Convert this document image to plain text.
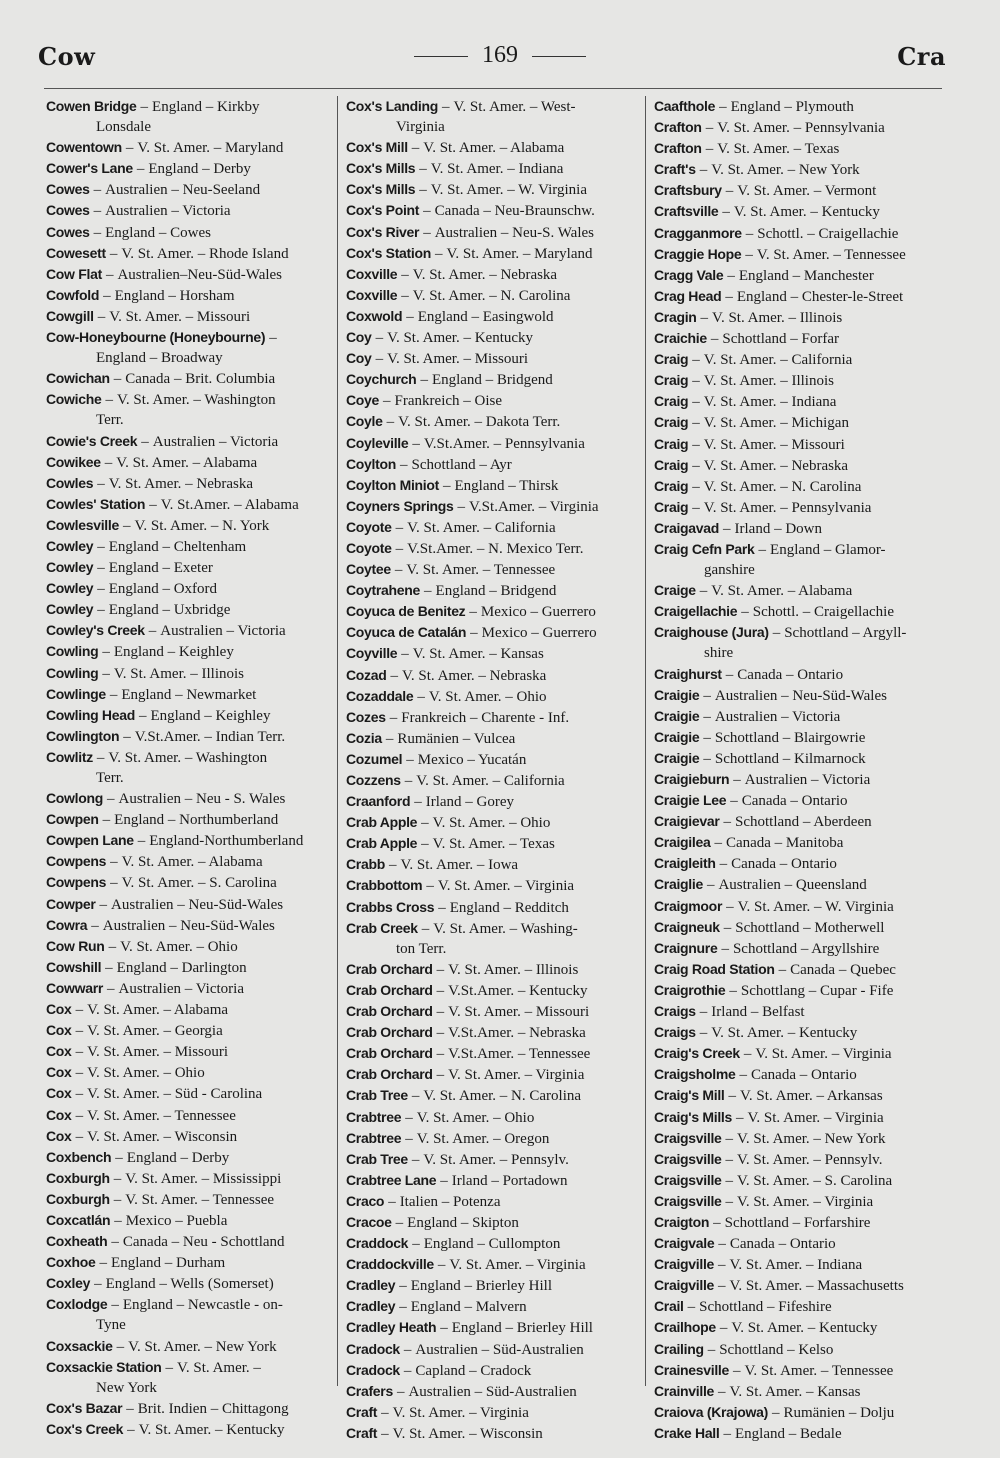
Cow	169	Cra
Cowen Bridge – England – Kirkby
Lonsdale
Cowentown – V. St. Amer. – Maryland
Cower's Lane – England – Derby
Cowes – Australien – Neu-Seeland
Cowes – Australien – Victoria
Cowes – England – Cowes
Cowesett – V. St. Amer. – Rhode Island
Cow Flat – Australien–Neu-Süd-Wales
Cowfold – England – Horsham
Cowgill – V. St. Amer. – Missouri
Cow-Honeybourne (Honeybourne) –
England – Broadway
Cowichan – Canada – Brit. Columbia
Cowiche – V. St. Amer. – Washington
Terr.
Cowie's Creek – Australien – Victoria
Cowikee – V. St. Amer. – Alabama
Cowles – V. St. Amer. – Nebraska
Cowles' Station – V. St.Amer. – Alabama
Cowlesville – V. St. Amer. – N. York
Cowley – England – Cheltenham
Cowley – England – Exeter
Cowley – England – Oxford
Cowley – England – Uxbridge
Cowley's Creek – Australien – Victoria
Cowling – England – Keighley
Cowling – V. St. Amer. – Illinois
Cowlinge – England – Newmarket
Cowling Head – England – Keighley
Cowlington – V.St.Amer. – Indian Terr.
Cowlitz – V. St. Amer. – Washington
Terr.
Cowlong – Australien – Neu - S. Wales
Cowpen – England – Northumberland
Cowpen Lane – England-Northumberland
Cowpens – V. St. Amer. – Alabama
Cowpens – V. St. Amer. – S. Carolina
Cowper – Australien – Neu-Süd-Wales
Cowra – Australien – Neu-Süd-Wales
Cow Run – V. St. Amer. – Ohio
Cowshill – England – Darlington
Cowwarr – Australien – Victoria
Cox – V. St. Amer. – Alabama
Cox – V. St. Amer. – Georgia
Cox – V. St. Amer. – Missouri
Cox – V. St. Amer. – Ohio
Cox – V. St. Amer. – Süd - Carolina
Cox – V. St. Amer. – Tennessee
Cox – V. St. Amer. – Wisconsin
Coxbench – England – Derby
Coxburgh – V. St. Amer. – Mississippi
Coxburgh – V. St. Amer. – Tennessee
Coxcatlán – Mexico – Puebla
Coxheath – Canada – Neu - Schottland
Coxhoe – England – Durham
Coxley – England – Wells (Somerset)
Coxlodge – England – Newcastle - on-
Tyne
Coxsackie – V. St. Amer. – New York
Coxsackie Station – V. St. Amer. –
New York
Cox's Bazar – Brit. Indien – Chittagong
Cox's Creek – V. St. Amer. – Kentucky
Cox's Landing – V. St. Amer. – West-
Virginia
Cox's Mill – V. St. Amer. – Alabama
Cox's Mills – V. St. Amer. – Indiana
Cox's Mills – V. St. Amer. – W. Virginia
Cox's Point – Canada – Neu-Braunschw.
Cox's River – Australien – Neu-S. Wales
Cox's Station – V. St. Amer. – Maryland
Coxville – V. St. Amer. – Nebraska
Coxville – V. St. Amer. – N. Carolina
Coxwold – England – Easingwold
Coy – V. St. Amer. – Kentucky
Coy – V. St. Amer. – Missouri
Coychurch – England – Bridgend
Coye – Frankreich – Oise
Coyle – V. St. Amer. – Dakota Terr.
Coyleville – V.St.Amer. – Pennsylvania
Coylton – Schottland – Ayr
Coylton Miniot – England – Thirsk
Coyners Springs – V.St.Amer. – Virginia
Coyote – V. St. Amer. – California
Coyote – V.St.Amer. – N. Mexico Terr.
Coytee – V. St. Amer. – Tennessee
Coytrahene – England – Bridgend
Coyuca de Benitez – Mexico – Guerrero
Coyuca de Catalán – Mexico – Guerrero
Coyville – V. St. Amer. – Kansas
Cozad – V. St. Amer. – Nebraska
Cozaddale – V. St. Amer. – Ohio
Cozes – Frankreich – Charente - Inf.
Cozia – Rumänien – Vulcea
Cozumel – Mexico – Yucatán
Cozzens – V. St. Amer. – California
Craanford – Irland – Gorey
Crab Apple – V. St. Amer. – Ohio
Crab Apple – V. St. Amer. – Texas
Crabb – V. St. Amer. – Iowa
Crabbottom – V. St. Amer. – Virginia
Crabbs Cross – England – Redditch
Crab Creek – V. St. Amer. – Washing-
ton Terr.
Crab Orchard – V. St. Amer. – Illinois
Crab Orchard – V.St.Amer. – Kentucky
Crab Orchard – V. St. Amer. – Missouri
Crab Orchard – V.St.Amer. – Nebraska
Crab Orchard – V.St.Amer. – Tennessee
Crab Orchard – V. St. Amer. – Virginia
Crab Tree – V. St. Amer. – N. Carolina
Crabtree – V. St. Amer. – Ohio
Crabtree – V. St. Amer. – Oregon
Crab Tree – V. St. Amer. – Pennsylv.
Crabtree Lane – Irland – Portadown
Craco – Italien – Potenza
Cracoe – England – Skipton
Craddock – England – Cullompton
Craddockville – V. St. Amer. – Virginia
Cradley – England – Brierley Hill
Cradley – England – Malvern
Cradley Heath – England – Brierley Hill
Cradock – Australien – Süd-Australien
Cradock – Capland – Cradock
Crafers – Australien – Süd-Australien
Craft – V. St. Amer. – Virginia
Craft – V. St. Amer. – Wisconsin
Caafthole – England – Plymouth
Crafton – V. St. Amer. – Pennsylvania
Crafton – V. St. Amer. – Texas
Craft's – V. St. Amer. – New York
Craftsbury – V. St. Amer. – Vermont
Craftsville – V. St. Amer. – Kentucky
Cragganmore – Schottl. – Craigellachie
Craggie Hope – V. St. Amer. – Tennessee
Cragg Vale – England – Manchester
Crag Head – England – Chester-le-Street
Cragin – V. St. Amer. – Illinois
Craichie – Schottland – Forfar
Craig – V. St. Amer. – California
Craig – V. St. Amer. – Illinois
Craig – V. St. Amer. – Indiana
Craig – V. St. Amer. – Michigan
Craig – V. St. Amer. – Missouri
Craig – V. St. Amer. – Nebraska
Craig – V. St. Amer. – N. Carolina
Craig – V. St. Amer. – Pennsylvania
Craigavad – Irland – Down
Craig Cefn Park – England – Glamor-
ganshire
Craige – V. St. Amer. – Alabama
Craigellachie – Schottl. – Craigellachie
Craighouse (Jura) – Schottland – Argyll-
shire
Craighurst – Canada – Ontario
Craigie – Australien – Neu-Süd-Wales
Craigie – Australien – Victoria
Craigie – Schottland – Blairgowrie
Craigie – Schottland – Kilmarnock
Craigieburn – Australien – Victoria
Craigie Lee – Canada – Ontario
Craigievar – Schottland – Aberdeen
Craigilea – Canada – Manitoba
Craigleith – Canada – Ontario
Craiglie – Australien – Queensland
Craigmoor – V. St. Amer. – W. Virginia
Craigneuk – Schottland – Motherwell
Craignure – Schottland – Argyllshire
Craig Road Station – Canada – Quebec
Craigrothie – Schottlang – Cupar - Fife
Craigs – Irland – Belfast
Craigs – V. St. Amer. – Kentucky
Craig's Creek – V. St. Amer. – Virginia
Craigsholme – Canada – Ontario
Craig's Mill – V. St. Amer. – Arkansas
Craig's Mills – V. St. Amer. – Virginia
Craigsville – V. St. Amer. – New York
Craigsville – V. St. Amer. – Pennsylv.
Craigsville – V. St. Amer. – S. Carolina
Craigsville – V. St. Amer. – Virginia
Craigton – Schottland – Forfarshire
Craigvale – Canada – Ontario
Craigville – V. St. Amer. – Indiana
Craigville – V. St. Amer. – Massachusetts
Crail – Schottland – Fifeshire
Crailhope – V. St. Amer. – Kentucky
Crailing – Schottland – Kelso
Crainesville – V. St. Amer. – Tennessee
Crainville – V. St. Amer. – Kansas
Craiova (Krajowa) – Rumänien – Dolju
Crake Hall – England – Bedale
